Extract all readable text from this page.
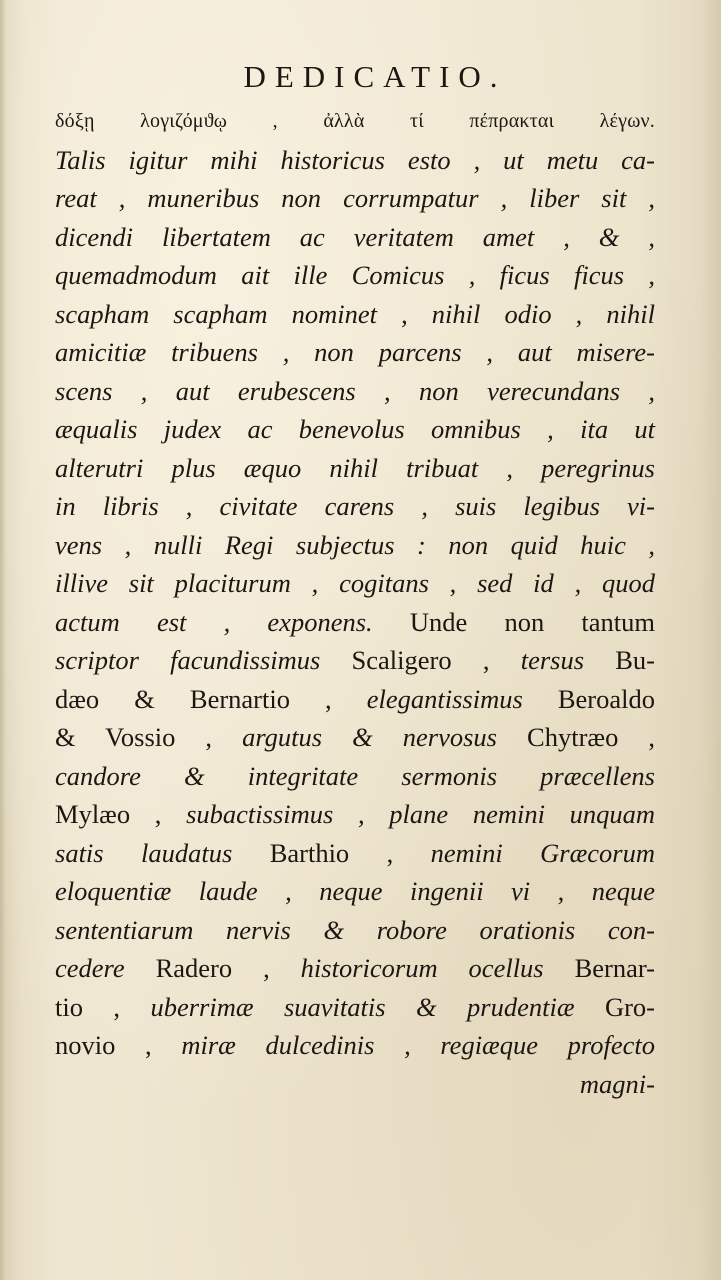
DEDICATIO.
δόξῃ λογιζόμϑῳ , ἀλλὰ τί πέπρακται λέγων.
Talis igitur mihi historicus esto , ut metu ca-
reat , muneribus non corrumpatur , liber sit ,
dicendi libertatem ac veritatem amet , & ,
quemadmodum ait ille Comicus , ficus ficus ,
scapham scapham nominet , nihil odio , nihil
amicitiæ tribuens , non parcens , aut misere-
scens , aut erubescens , non verecundans ,
æqualis judex ac benevolus omnibus , ita ut
alterutri plus æquo nihil tribuat , peregrinus
in libris , civitate carens , suis legibus vi-
vens , nulli Regi subjectus : non quid huic ,
illive sit placiturum , cogitans , sed id , quod
actum est , exponens. Unde non tantum
scriptor facundissimus Scaligero , tersus Bu-
dæo & Bernartio , elegantissimus Beroaldo
& Vossio , argutus & nervosus Chytræo ,
candore & integritate sermonis præcellens
Mylæo , subactissimus , plane nemini unquam
satis laudatus Barthio , nemini Græcorum
eloquentiæ laude , neque ingenii vi , neque
sententiarum nervis & robore orationis con-
cedere Radero , historicorum ocellus Bernar-
tio , uberrimæ suavitatis & prudentiæ Gro-
novio , miræ dulcedinis , regiæque profecto
magni-
